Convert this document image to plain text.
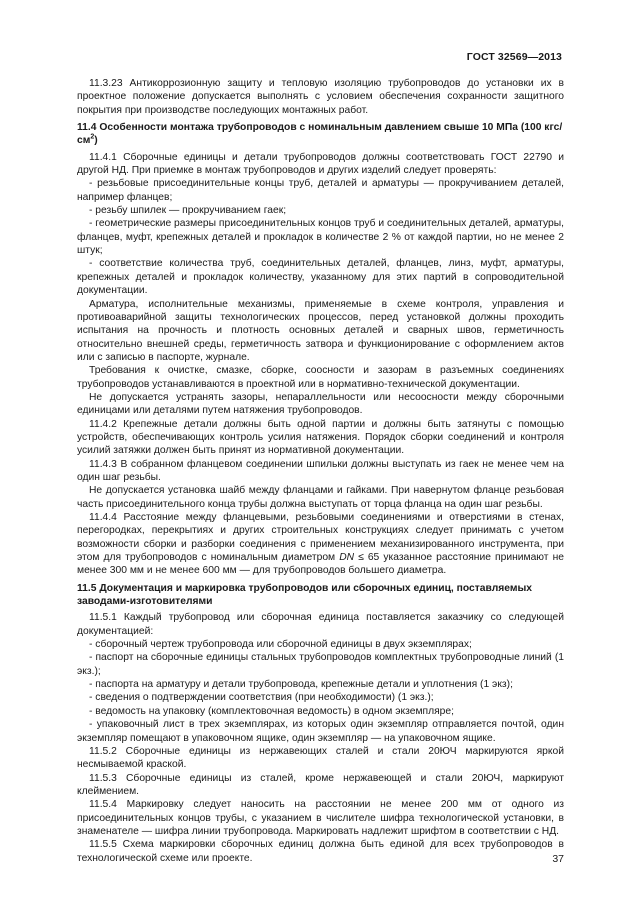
ГОСТ 32569—2013

11.3.23 Антикоррозионную защиту и тепловую изоляцию трубопроводов до установки их в проектное положение допускается выполнять с условием обеспечения сохранности защитного покрытия при производстве последующих монтажных работ.

11.4 Особенности монтажа трубопроводов с номинальным давлением свыше 10 МПа (100 кгс/$см^2$)

11.4.1 Сборочные единицы и детали трубопроводов должны соответствовать ГОСТ 22790 и другой НД. При приемке в монтаж трубопроводов и других изделий следует проверять:

- резьбовые присоединительные концы труб, деталей и арматуры — прокручиванием деталей, например фланцев;

- резьбу шпилек — прокручиванием гаек;

- геометрические размеры присоединительных концов труб и соединительных деталей, арматуры, фланцев, муфт, крепежных деталей и прокладок в количестве 2 % от каждой партии, но не менее 2 штук;

- соответствие количества труб, соединительных деталей, фланцев, линз, муфт, арматуры, крепежных деталей и прокладок количеству, указанному для этих партий в сопроводительной документации.

Арматура, исполнительные механизмы, применяемые в схеме контроля, управления и противоаварийной защиты технологических процессов, перед установкой должны проходить испытания на прочность и плотность основных деталей и сварных швов, герметичность относительно внешней среды, герметичность затвора и функционирование с оформлением актов или с записью в паспорте, журнале.

Требования к очистке, смазке, сборке, соосности и зазорам в разъемных соединениях трубопроводов устанавливаются в проектной или в нормативно-технической документации.

Не допускается устранять зазоры, непараллельности или несоосности между сборочными единицами или деталями путем натяжения трубопроводов.

11.4.2 Крепежные детали должны быть одной партии и должны быть затянуты с помощью устройств, обеспечивающих контроль усилия натяжения. Порядок сборки соединений и контроля усилий затяжки должен быть принят из нормативной документации.

11.4.3 В собранном фланцевом соединении шпильки должны выступать из гаек не менее чем на один шаг резьбы.

Не допускается установка шайб между фланцами и гайками. При навернутом фланце резьбовая часть присоединительного конца трубы должна выступать от торца фланца на один шаг резьбы.

11.4.4 Расстояние между фланцевыми, резьбовыми соединениями и отверстиями в стенах, перегородках, перекрытиях и других строительных конструкциях следует принимать с учетом возможности сборки и разборки соединения с применением механизированного инструмента, при этом для трубопроводов с номинальным диаметром DN ≤ 65 указанное расстояние принимают не менее 300 мм и не менее 600 мм — для трубопроводов большего диаметра.

11.5 Документация и маркировка трубопроводов или сборочных единиц, поставляемых заводами-изготовителями

11.5.1 Каждый трубопровод или сборочная единица поставляется заказчику со следующей документацией:

- сборочный чертеж трубопровода или сборочной единицы в двух экземплярах;

- паспорт на сборочные единицы стальных трубопроводов комплектных трубопроводные линий (1 экз.);

- паспорта на арматуру и детали трубопровода, крепежные детали и уплотнения (1 экз);

- сведения о подтверждении соответствия (при необходимости) (1 экз.);

- ведомость на упаковку (комплектовочная ведомость) в одном экземпляре;

- упаковочный лист в трех экземплярах, из которых один экземпляр отправляется почтой, один экземпляр помещают в упаковочном ящике, один экземпляр — на упаковочном ящике.

11.5.2 Сборочные единицы из нержавеющих сталей и стали 20ЮЧ маркируются яркой несмываемой краской.

11.5.3 Сборочные единицы из сталей, кроме нержавеющей и стали 20ЮЧ, маркируют клеймением.

11.5.4 Маркировку следует наносить на расстоянии не менее 200 мм от одного из присоединительных концов трубы, с указанием в числителе шифра технологической установки, в знаменателе — шифра линии трубопровода. Маркировать надлежит шрифтом в соответствии с НД.

11.5.5 Схема маркировки сборочных единиц должна быть единой для всех трубопроводов в технологической схеме или проекте.	37
